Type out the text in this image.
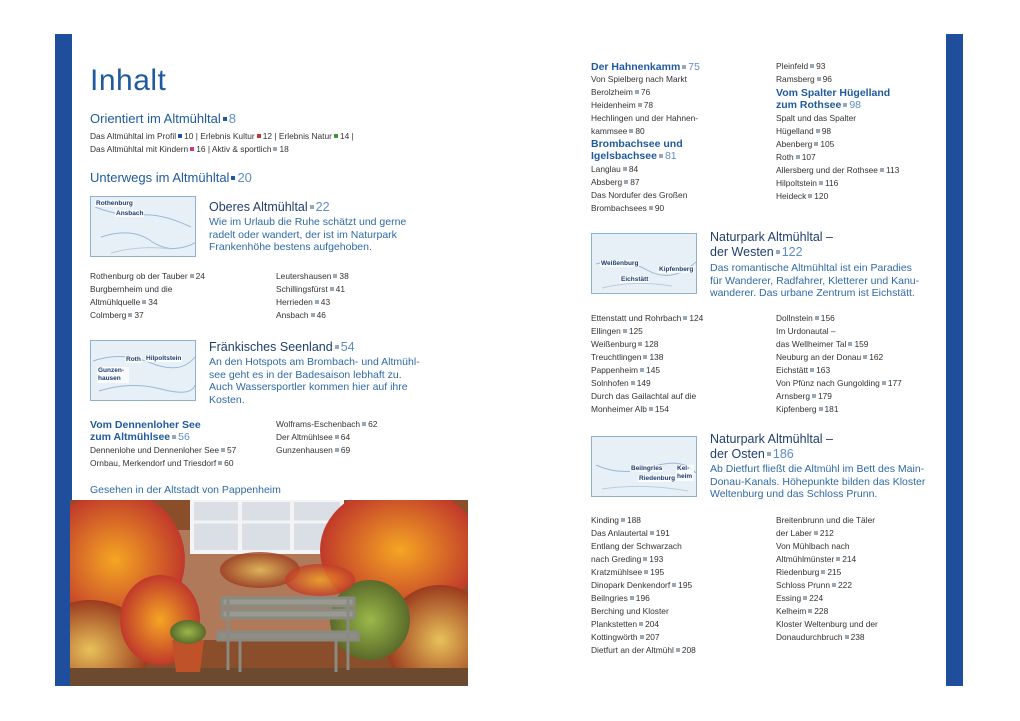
Inhalt
Orientiert im Altmühltal 8
Das Altmühltal im Profil 10 | Erlebnis Kultur 12 | Erlebnis Natur 14 |
Das Altmühltal mit Kindern 16 | Aktiv & sportlich 18
Unterwegs im Altmühltal 20
Rothenburg
Ansbach	Oberes Altmühltal 22
Wie im Urlaub die Ruhe schätzt und gerne radelt oder wandert, der ist im Naturpark Frankenhöhe bestens aufgehoben.
Rothenburg ob der Tauber 24
Burgbernheim und die
Altmühlquelle 34
Colmberg 37
Leutershausen 38
Schillingsfürst 41
Herrieden 43
Ansbach 46
Roth Hilpoltstein
Gunzen-hausen
Fränkisches Seenland 54
An den Hotspots am Brombach- und Altmühl-see geht es in der Badesaison lebhaft zu. Auch Wassersportler kommen hier auf ihre Kosten.
Vom Dennenloher See
zum Altmühlsee 56
Dennenlohe und Dennenloher See 57
Ornbau, Merkendorf und Triesdorf 60
Wolframs-Eschenbach 62
Der Altmühlsee 64
Gunzenhausen 69
Gesehen in der Altstadt von Pappenheim
Der Hahnenkamm 75
Von Spielberg nach Markt
Berolzheim 76
Heidenheim 78
Hechlingen und der Hahnen-
kammsee 80
Brombachsee und
Igelsbachsee 81
Langlau 84
Absberg 87
Das Nordufer des Großen
Brombachsees 90
Pleinfeld 93
Ramsberg 96
Vom Spalter Hügelland
zum Rothsee 98
Spalt und das Spalter
Hügelland 98
Abenberg 105
Roth 107
Allersberg und der Rothsee 113
Hilpoltstein 116
Heideck 120
Weißenburg
Kipfenberg
Eichstätt
Naturpark Altmühltal –
der Westen 122
Das romantische Altmühltal ist ein Paradies für Wanderer, Radfahrer, Kletterer und Kanu-wanderer. Das urbane Zentrum ist Eichstätt.
Ettenstatt und Rohrbach 124
Ellingen 125
Weißenburg 128
Treuchtlingen 138
Pappenheim 145
Solnhofen 149
Durch das Gailachtal auf die
Monheimer Alb 154
Dollnstein 156
Im Urdonautal –
das Wellheimer Tal 159
Neuburg an der Donau 162
Eichstätt 163
Von Pfünz nach Gungolding 177
Arnsberg 179
Kipfenberg 181
Beilngries Kel-heim
Riedenburg
Naturpark Altmühltal –
der Osten 186
Ab Dietfurt fließt die Altmühl im Bett des Main-Donau-Kanals. Höhepunkte bilden das Kloster Weltenburg und das Schloss Prunn.
Kinding 188
Das Anlautertal 191
Entlang der Schwarzach
nach Greding 193
Kratzmühlsee 195
Dinopark Denkendorf 195
Beilngries 196
Berching und Kloster
Plankstetten 204
Kottingwörth 207
Dietfurt an der Altmühl 208
Breitenbrunn und die Täler
der Laber 212
Von Mühlbach nach
Altmühlmünster 214
Riedenburg 215
Schloss Prunn 222
Essing 224
Kelheim 228
Kloster Weltenburg und der
Donaudurchbruch 238
